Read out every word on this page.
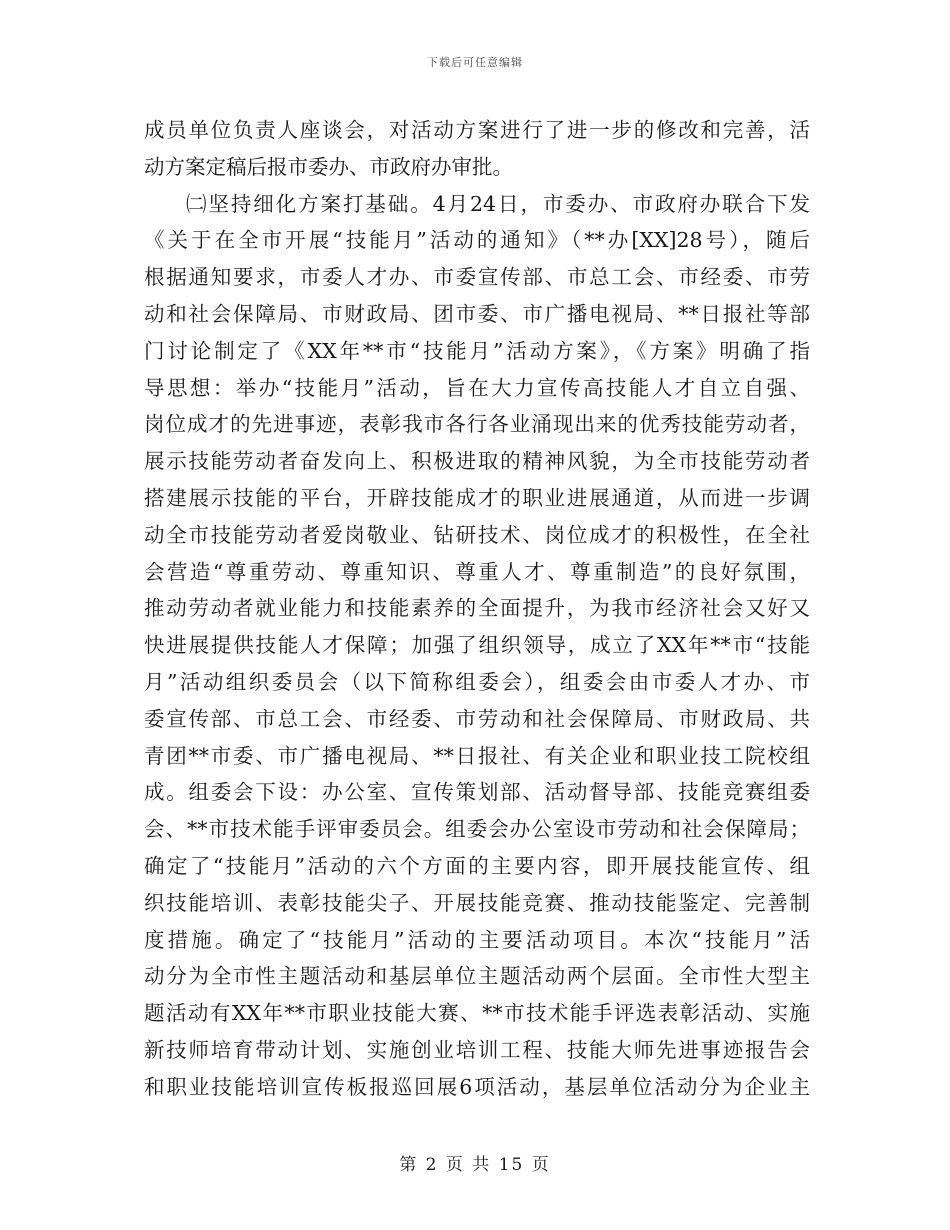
下载后可任意编辑
成员单位负责人座谈会，对活动方案进行了进一步的修改和完善，活
动方案定稿后报市委办、市政府办审批。
㈡坚持细化方案打基础。4月24日，市委办、市政府办联合下发
《关于在全市开展“技能月”活动的通知》（**办[XX]28号），随后
根据通知要求，市委人才办、市委宣传部、市总工会、市经委、市劳
动和社会保障局、市财政局、团市委、市广播电视局、**日报社等部
门讨论制定了《XX年**市“技能月”活动方案》，《方案》明确了指
导思想：举办“技能月”活动，旨在大力宣传高技能人才自立自强、
岗位成才的先进事迹，表彰我市各行各业涌现出来的优秀技能劳动者，
展示技能劳动者奋发向上、积极进取的精神风貌，为全市技能劳动者
搭建展示技能的平台，开辟技能成才的职业进展通道，从而进一步调
动全市技能劳动者爱岗敬业、钻研技术、岗位成才的积极性，在全社
会营造“尊重劳动、尊重知识、尊重人才、尊重制造”的良好氛围，
推动劳动者就业能力和技能素养的全面提升，为我市经济社会又好又
快进展提供技能人才保障；加强了组织领导，成立了XX年**市“技能
月”活动组织委员会（以下简称组委会），组委会由市委人才办、市
委宣传部、市总工会、市经委、市劳动和社会保障局、市财政局、共
青团**市委、市广播电视局、**日报社、有关企业和职业技工院校组
成。组委会下设：办公室、宣传策划部、活动督导部、技能竞赛组委
会、**市技术能手评审委员会。组委会办公室设市劳动和社会保障局；
确定了“技能月”活动的六个方面的主要内容，即开展技能宣传、组
织技能培训、表彰技能尖子、开展技能竞赛、推动技能鉴定、完善制
度措施。确定了“技能月”活动的主要活动项目。本次“技能月”活
动分为全市性主题活动和基层单位主题活动两个层面。全市性大型主
题活动有XX年**市职业技能大赛、**市技术能手评选表彰活动、实施
新技师培育带动计划、实施创业培训工程、技能大师先进事迹报告会
和职业技能培训宣传板报巡回展6项活动，基层单位活动分为企业主
第 2 页 共 15 页
